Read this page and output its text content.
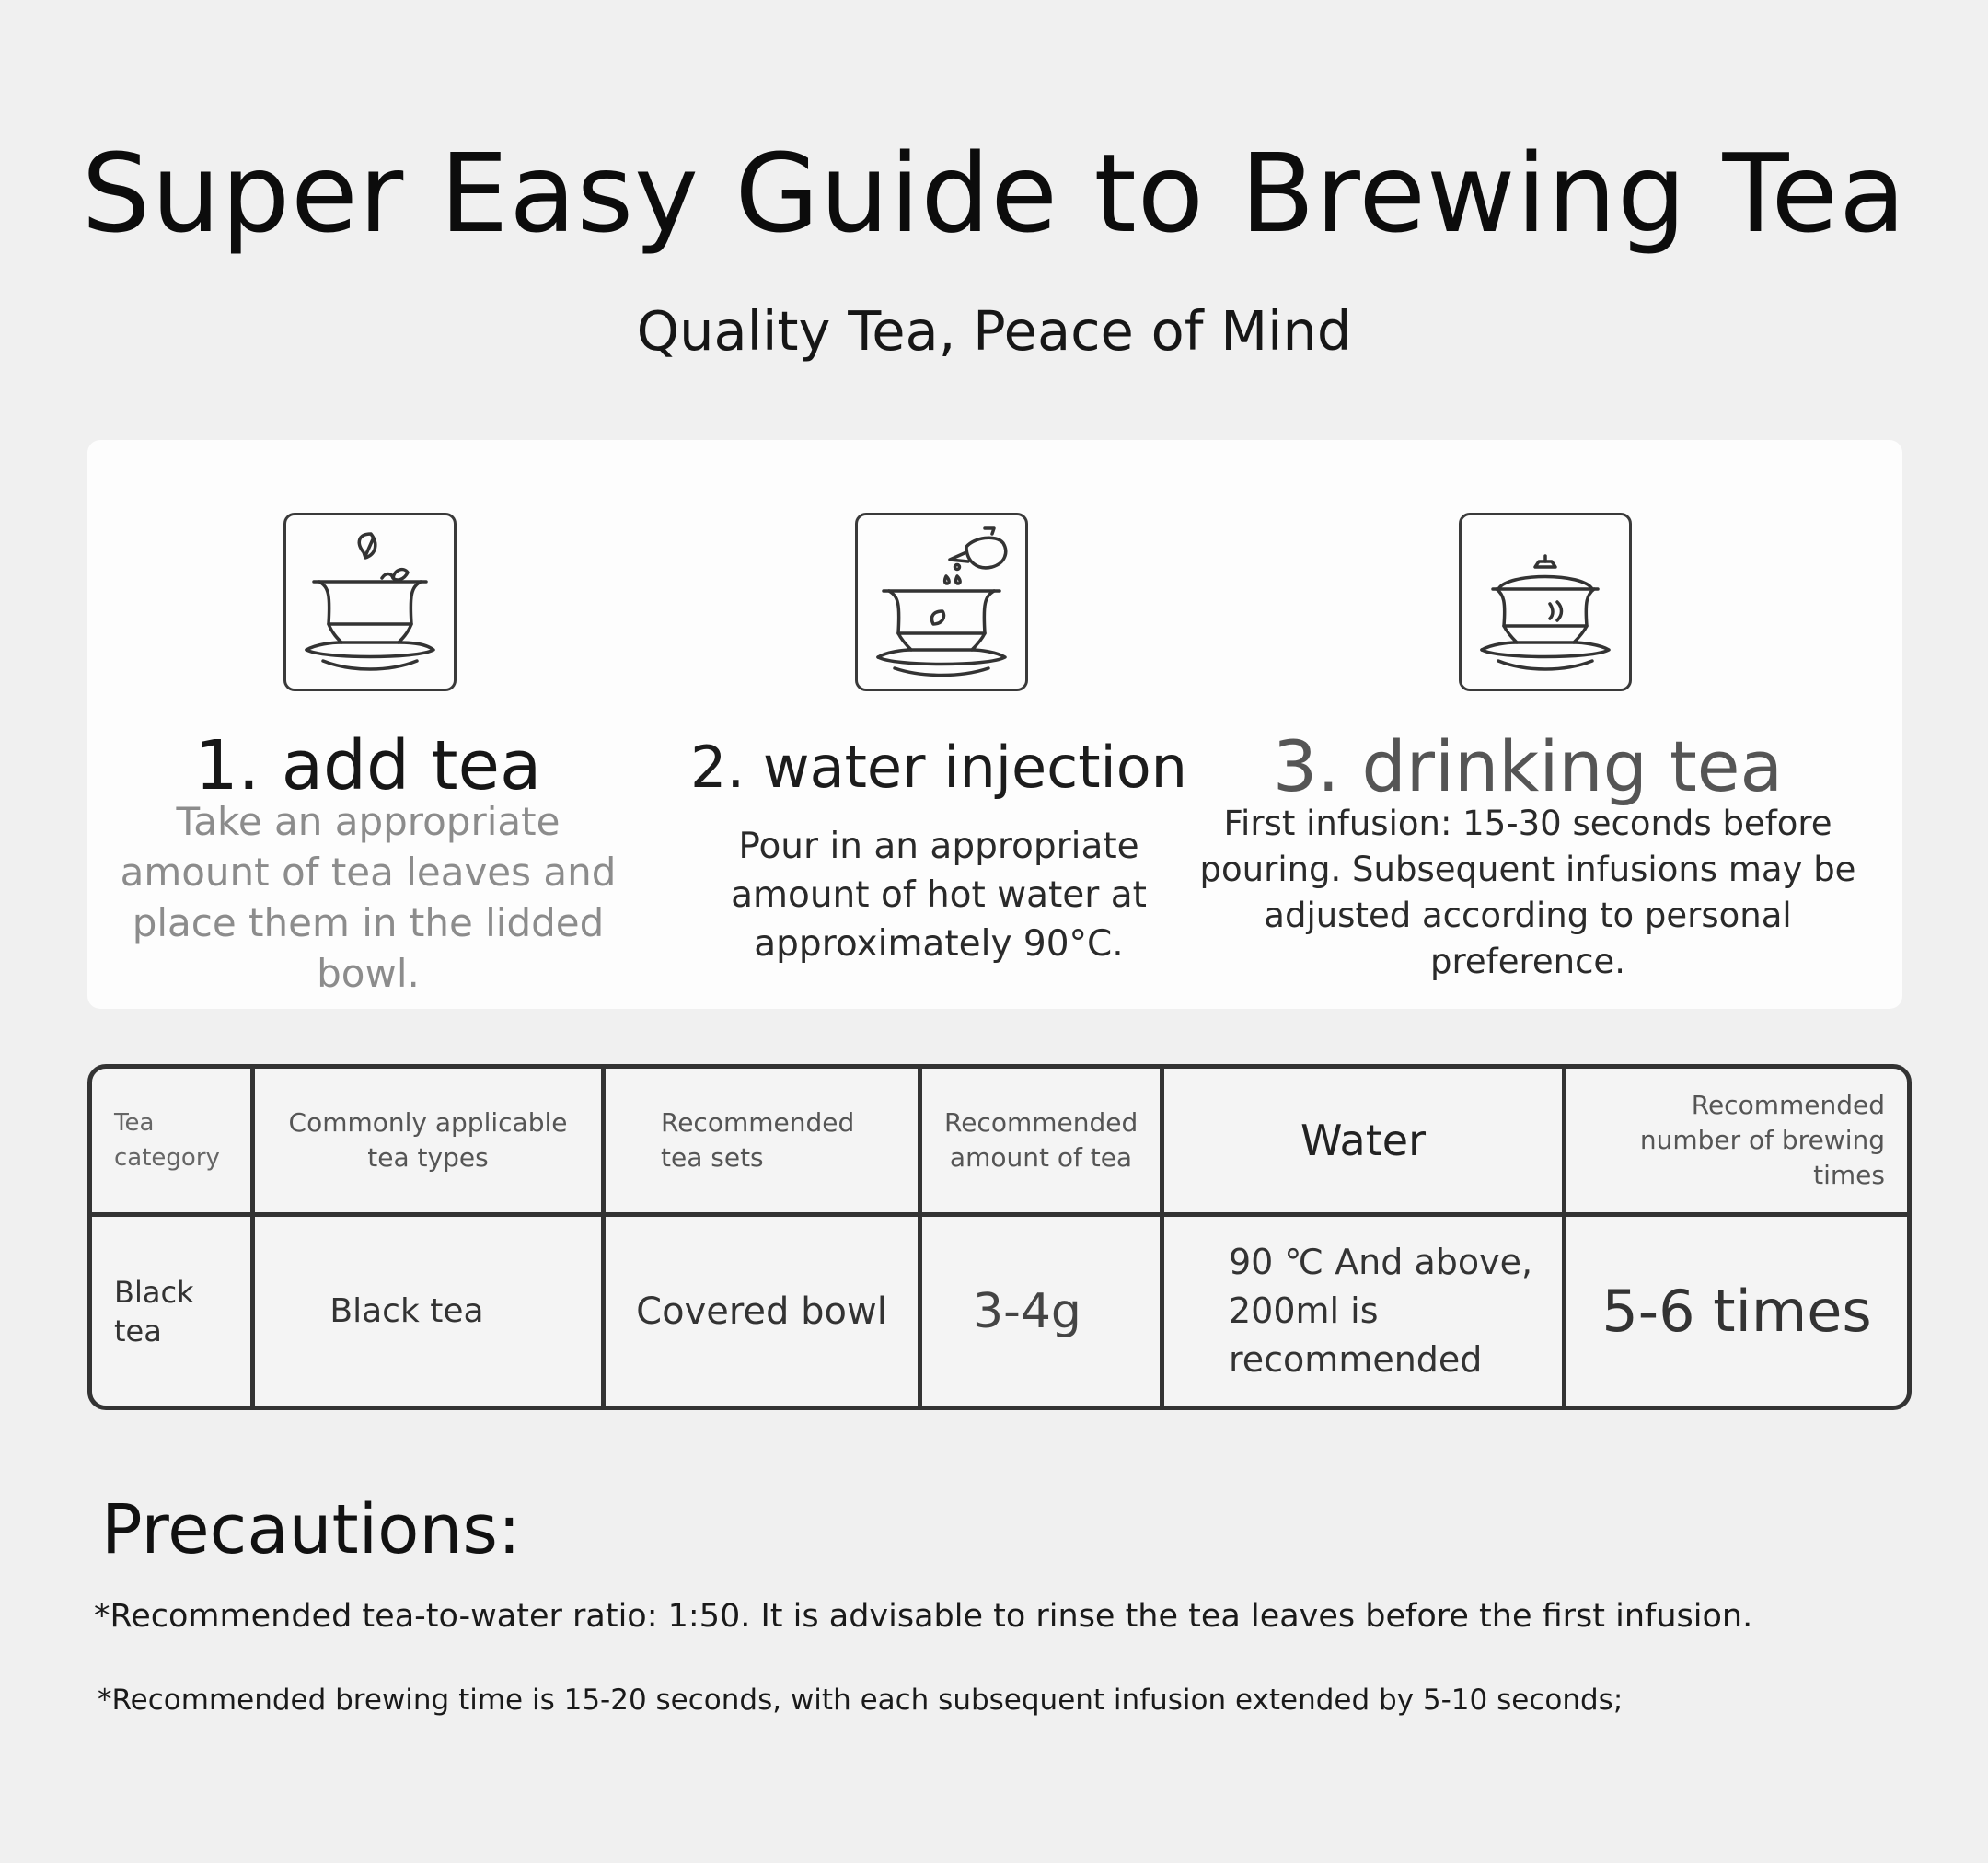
Super Easy Guide to Brewing Tea
Quality Tea, Peace of Mind
1. add tea
Take an appropriate amount of tea leaves and place them in the lidded bowl.
2. water injection
Pour in an appropriate amount of hot water at approximately 90°C.
3. drinking tea
First infusion: 15-30 seconds before pouring. Subsequent infusions may be adjusted according to personal preference.
Tea category	Commonly applicable tea types	Recommended tea sets	Recommended amount of tea	Water	Recommended number of brewing times
Black tea	Black tea	Covered bowl	3-4g	90 ℃ And above, 200ml is recommended	5-6 times
Precautions:
*Recommended tea-to-water ratio: 1:50. It is advisable to rinse the tea leaves before the first infusion.
*Recommended brewing time is 15-20 seconds, with each subsequent infusion extended by 5-10 seconds;
